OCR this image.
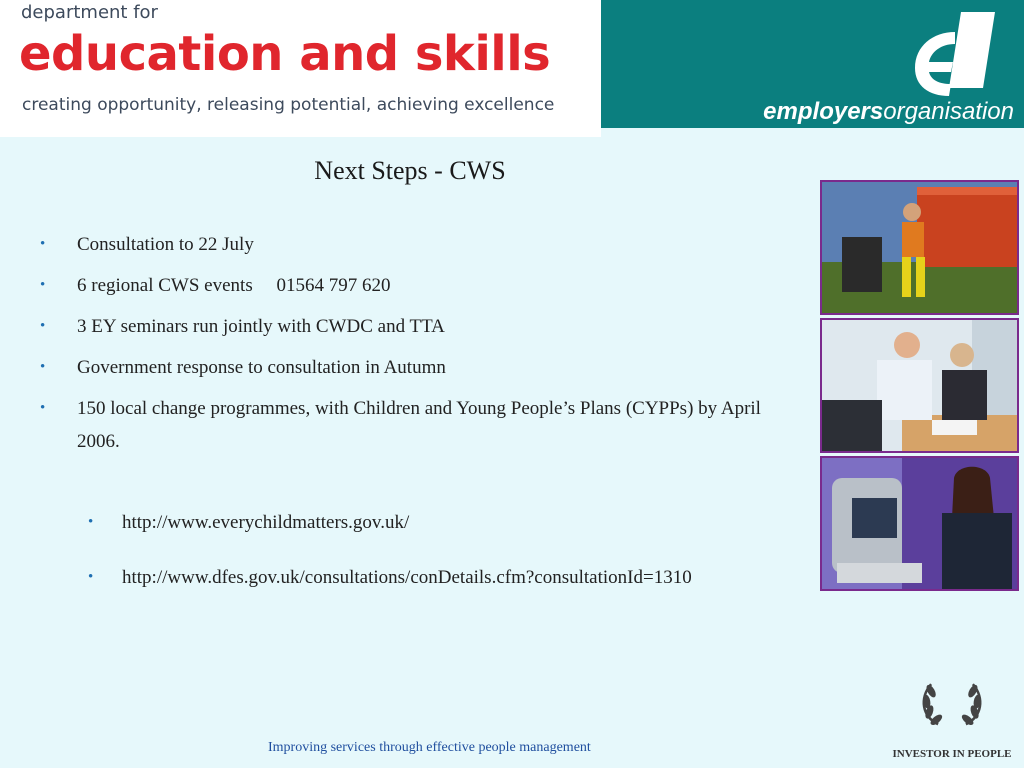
department for
education and skills
creating opportunity, releasing potential, achieving excellence	employersorganisation
Next Steps - CWS
• Consultation to 22 July
• 6 regional CWS events     01564 797 620
• 3 EY seminars run jointly with CWDC and TTA
• Government response to consultation in Autumn
• 150 local change programmes, with Children and Young People’s Plans (CYPPs) by April 2006.
• http://www.everychildmatters.gov.uk/
• http://www.dfes.gov.uk/consultations/conDetails.cfm?consultationId=1310
Improving services through effective people management	INVESTOR IN PEOPLE
